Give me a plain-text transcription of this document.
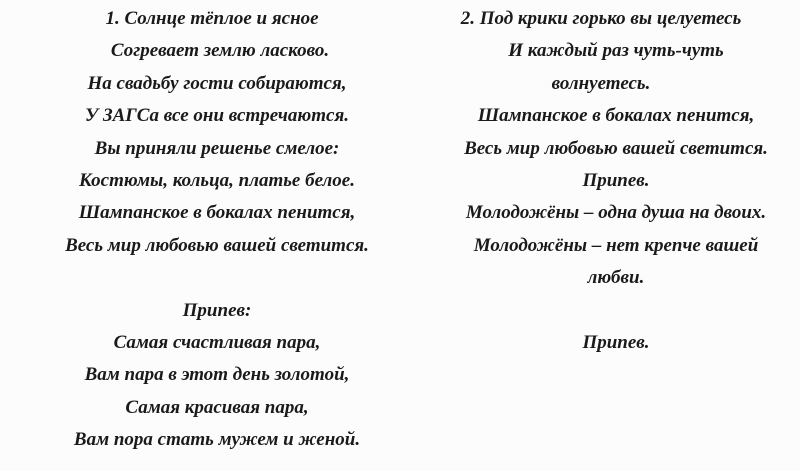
1. Солнце тёплое и ясное
Согревает землю ласково.
На свадьбу гости собираются,
У ЗАГСа все они встречаются.
Вы приняли решенье смелое:
Костюмы, кольца, платье белое.
Шампанское в бокалах пенится,
Весь мир любовью вашей светится.
Припев:
Самая счастливая пара,
Вам пара в этот день золотой,
Самая красивая пара,
Вам пора стать мужем и женой.
2. Под крики горько вы целуетесь
И каждый раз чуть-чуть
волнуетесь.
Шампанское в бокалах пенится,
Весь мир любовью вашей светится.
Припев.
Молодожёны – одна душа на двоих.
Молодожёны – нет крепче вашей
любви.
Припев.
